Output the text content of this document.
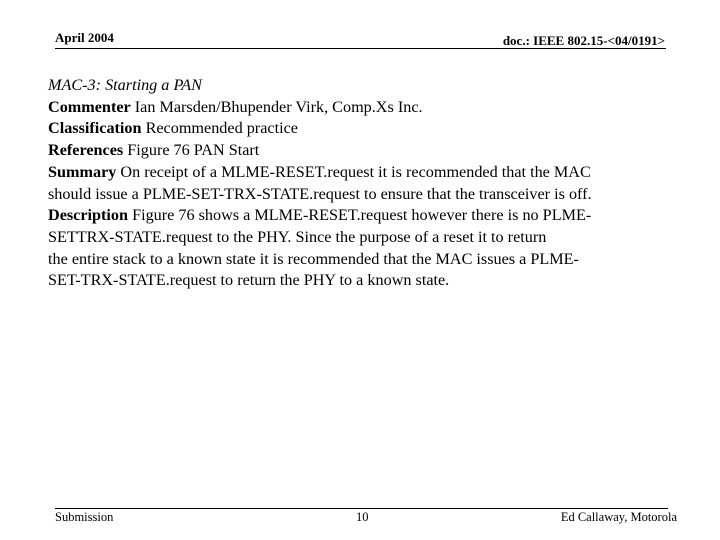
April 2004	doc.: IEEE 802.15-<04/0191>
MAC-3: Starting a PAN
Commenter Ian Marsden/Bhupender Virk, Comp.Xs Inc.
Classification Recommended practice
References Figure 76 PAN Start
Summary On receipt of a MLME-RESET.request it is recommended that the MAC
should issue a PLME-SET-TRX-STATE.request to ensure that the transceiver is off.
Description Figure 76 shows a MLME-RESET.request however there is no PLME-
SETTRX-STATE.request to the PHY. Since the purpose of a reset it to return
the entire stack to a known state it is recommended that the MAC issues a PLME-
SET-TRX-STATE.request to return the PHY to a known state.
Submission	10	Ed Callaway, Motorola
